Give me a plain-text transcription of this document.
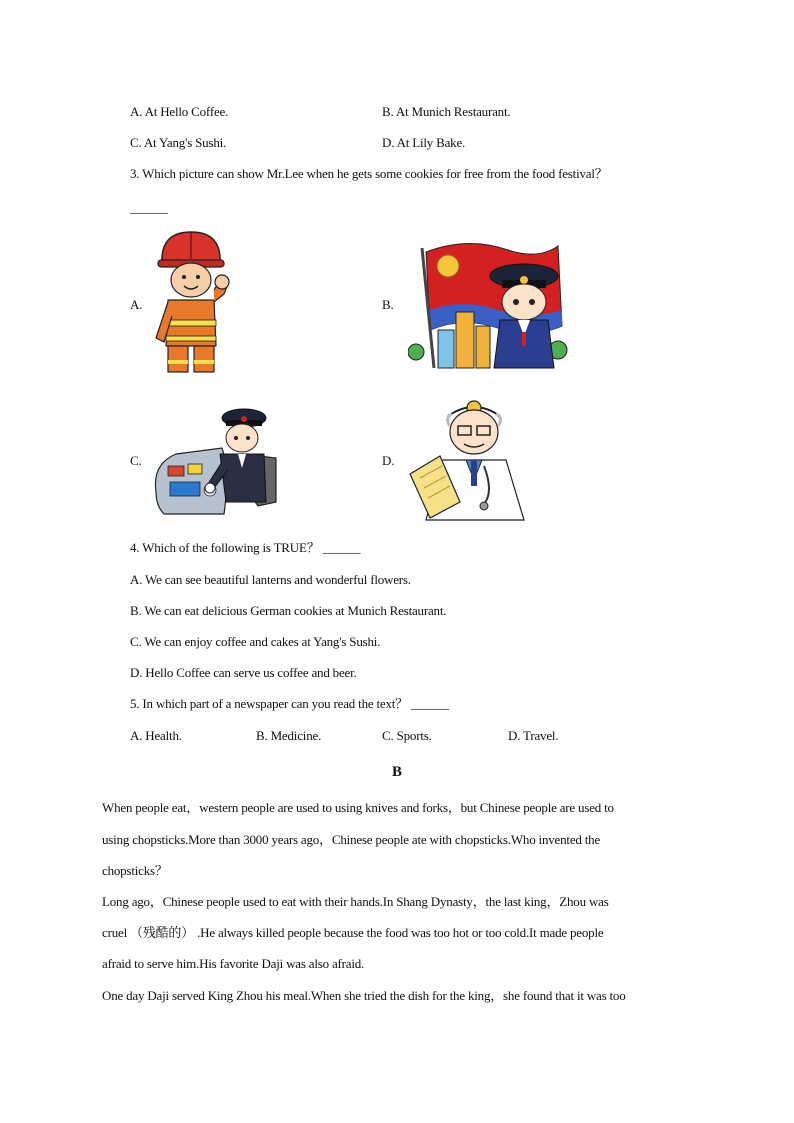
A. At Hello Coffee.	B. At Munich Restaurant.
C. At Yang's Sushi.	D. At Lily Bake.
3. Which picture can show Mr.Lee when he gets some cookies for free from the food festival？
______
A.	B.
C.	D.
4. Which of the following is TRUE？ ______
A. We can see beautiful lanterns and wonderful flowers.
B. We can eat delicious German cookies at Munich Restaurant.
C. We can enjoy coffee and cakes at Yang's Sushi.
D. Hello Coffee can serve us coffee and beer.
5. In which part of a newspaper can you read the text？ ______
A. Health.	B. Medicine.	C. Sports.	D. Travel.
B
When people eat，western people are used to using knives and forks，but Chinese people are used to
using chopsticks.More than 3000 years ago，Chinese people ate with chopsticks.Who invented the
chopsticks？
Long ago，Chinese people used to eat with their hands.In Shang Dynasty，the last king，Zhou was
cruel （残酷的） .He always killed people because the food was too hot or too cold.It made people
afraid to serve him.His favorite Daji was also afraid.
One day Daji served King Zhou his meal.When she tried the dish for the king，she found that it was too
